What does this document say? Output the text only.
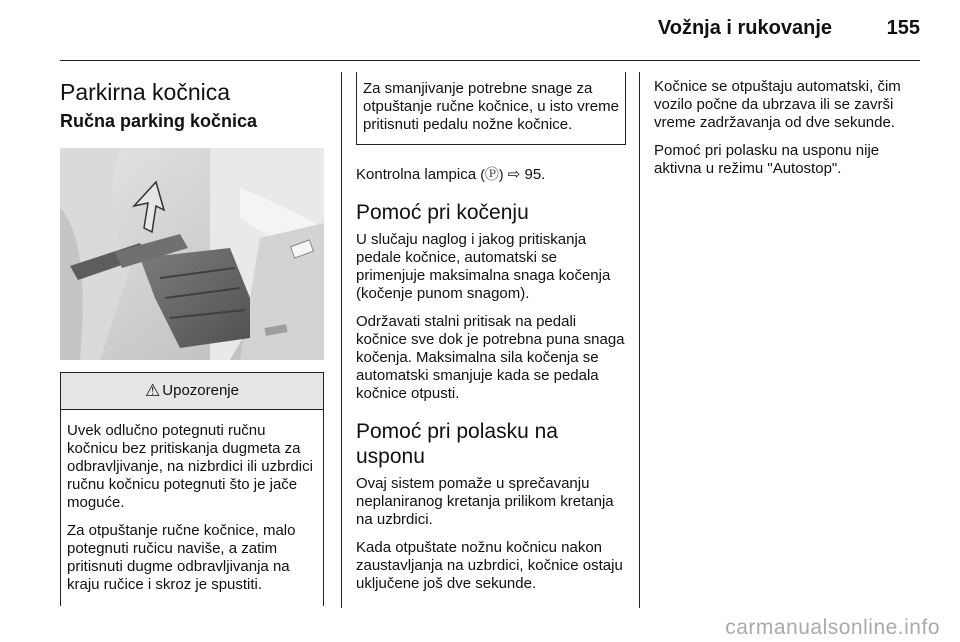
Vožnja i rukovanje	155
Parkirna kočnica
Ručna parking kočnica
⚠ Upozorenje

Uvek odlučno potegnuti ručnu kočnicu bez pritiskanja dugmeta za odbravljivanje, na nizbrdici ili uzbrdici ručnu kočnicu potegnuti što je jače moguće.

Za otpuštanje ručne kočnice, malo potegnuti ručicu naviše, a zatim pritisnuti dugme odbravljivanja na kraju ručice i skroz je spustiti.

Za smanjivanje potrebne snage za otpuštanje ručne kočnice, u isto vreme pritisnuti pedalu nožne kočnice.

Kontrolna lampica (Ⓟ) ⇨ 95.

Pomoć pri kočenju

U slučaju naglog i jakog pritiskanja pedale kočnice, automatski se primenjuje maksimalna snaga kočenja (kočenje punom snagom).

Održavati stalni pritisak na pedali kočnice sve dok je potrebna puna snaga kočenja. Maksimalna sila kočenja se automatski smanjuje kada se pedala kočnice otpusti.

Pomoć pri polasku na usponu

Ovaj sistem pomaže u sprečavanju neplaniranog kretanja prilikom kretanja na uzbrdici.

Kada otpuštate nožnu kočnicu nakon zaustavljanja na uzbrdici, kočnice ostaju uključene još dve sekunde.

Kočnice se otpuštaju automatski, čim vozilo počne da ubrzava ili se završi vreme zadržavanja od dve sekunde.

Pomoć pri polasku na usponu nije aktivna u režimu "Autostop".

carmanualsonline.info
